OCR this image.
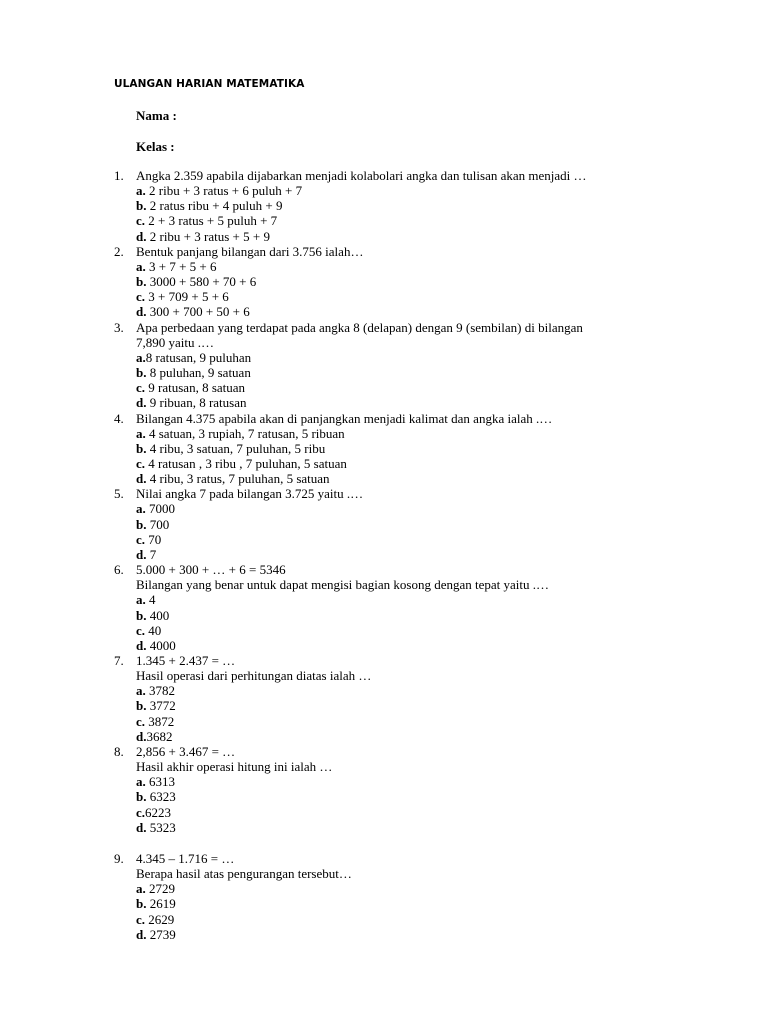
ULANGAN HARIAN MATEMATIKA
Nama :
Kelas :
1. Angka 2.359 apabila dijabarkan menjadi kolabolari angka dan tulisan akan menjadi …
a. 2 ribu + 3 ratus + 6 puluh + 7
b. 2 ratus ribu + 4 puluh + 9
c. 2 + 3 ratus + 5 puluh + 7
d. 2 ribu + 3 ratus + 5 + 9
2. Bentuk panjang bilangan dari 3.756 ialah…
a. 3 + 7 + 5 + 6
b. 3000 + 580 + 70 + 6
c. 3 + 709 + 5 + 6
d. 300 + 700 + 50 + 6
3. Apa perbedaan yang terdapat pada angka 8 (delapan) dengan 9 (sembilan) di bilangan
7,890 yaitu .…
a.8 ratusan, 9 puluhan
b. 8 puluhan, 9 satuan
c. 9 ratusan, 8 satuan
d. 9 ribuan, 8 ratusan
4. Bilangan 4.375 apabila akan di panjangkan menjadi kalimat dan angka ialah .…
a. 4 satuan, 3 rupiah, 7 ratusan, 5 ribuan
b. 4 ribu, 3 satuan, 7 puluhan, 5 ribu
c. 4 ratusan , 3 ribu , 7 puluhan, 5 satuan
d. 4 ribu, 3 ratus, 7 puluhan, 5 satuan
5. Nilai angka 7 pada bilangan 3.725 yaitu .…
a. 7000
b. 700
c. 70
d. 7
6. 5.000 + 300 + … + 6 = 5346
Bilangan yang benar untuk dapat mengisi bagian kosong dengan tepat yaitu .…
a. 4
b. 400
c. 40
d. 4000
7. 1.345 + 2.437 = …
Hasil operasi dari perhitungan diatas ialah …
a. 3782
b. 3772
c. 3872
d.3682
8. 2,856 + 3.467 = …
Hasil akhir operasi hitung ini ialah …
a. 6313
b. 6323
c.6223
d. 5323
9. 4.345 – 1.716 = …
Berapa hasil atas pengurangan tersebut…
a. 2729
b. 2619
c. 2629
d. 2739
